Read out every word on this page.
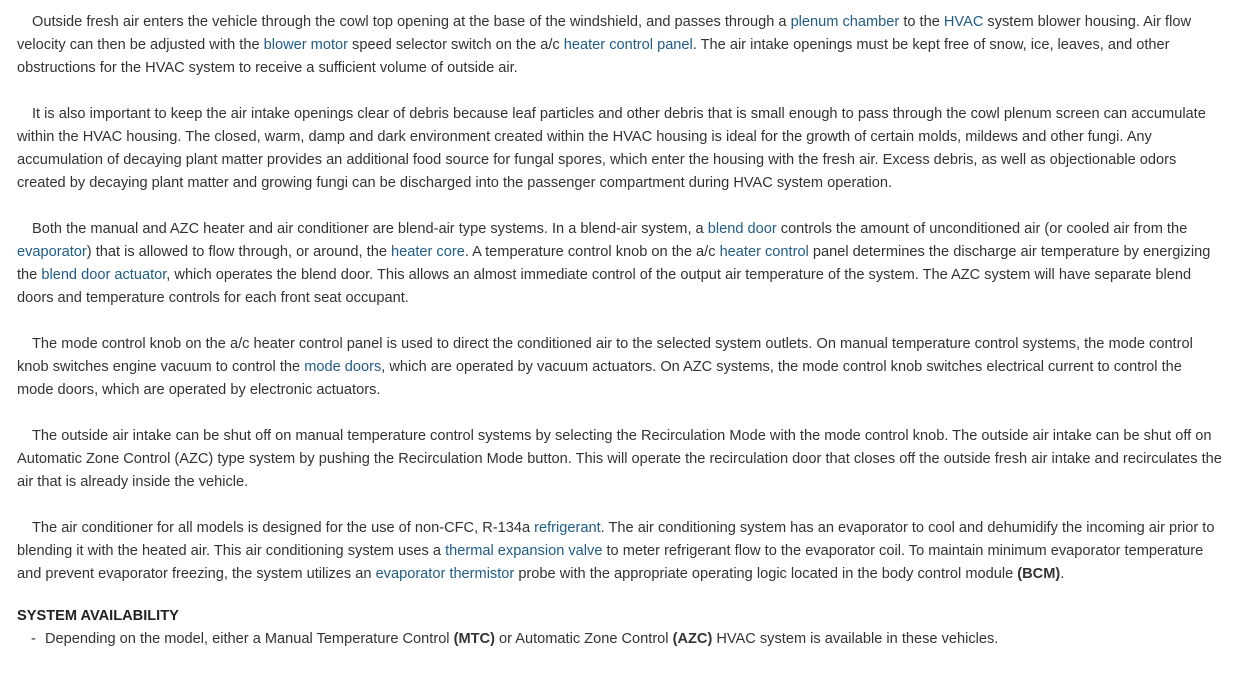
Outside fresh air enters the vehicle through the cowl top opening at the base of the windshield, and passes through a plenum chamber to the HVAC system blower housing. Air flow velocity can then be adjusted with the blower motor speed selector switch on the a/c heater control panel. The air intake openings must be kept free of snow, ice, leaves, and other obstructions for the HVAC system to receive a sufficient volume of outside air.

It is also important to keep the air intake openings clear of debris because leaf particles and other debris that is small enough to pass through the cowl plenum screen can accumulate within the HVAC housing. The closed, warm, damp and dark environment created within the HVAC housing is ideal for the growth of certain molds, mildews and other fungi. Any accumulation of decaying plant matter provides an additional food source for fungal spores, which enter the housing with the fresh air. Excess debris, as well as objectionable odors created by decaying plant matter and growing fungi can be discharged into the passenger compartment during HVAC system operation.

Both the manual and AZC heater and air conditioner are blend-air type systems. In a blend-air system, a blend door controls the amount of unconditioned air (or cooled air from the evaporator) that is allowed to flow through, or around, the heater core. A temperature control knob on the a/c heater control panel determines the discharge air temperature by energizing the blend door actuator, which operates the blend door. This allows an almost immediate control of the output air temperature of the system. The AZC system will have separate blend doors and temperature controls for each front seat occupant.

The mode control knob on the a/c heater control panel is used to direct the conditioned air to the selected system outlets. On manual temperature control systems, the mode control knob switches engine vacuum to control the mode doors, which are operated by vacuum actuators. On AZC systems, the mode control knob switches electrical current to control the mode doors, which are operated by electronic actuators.

The outside air intake can be shut off on manual temperature control systems by selecting the Recirculation Mode with the mode control knob. The outside air intake can be shut off on Automatic Zone Control (AZC) type system by pushing the Recirculation Mode button. This will operate the recirculation door that closes off the outside fresh air intake and recirculates the air that is already inside the vehicle.

The air conditioner for all models is designed for the use of non-CFC, R-134a refrigerant. The air conditioning system has an evaporator to cool and dehumidify the incoming air prior to blending it with the heated air. This air conditioning system uses a thermal expansion valve to meter refrigerant flow to the evaporator coil. To maintain minimum evaporator temperature and prevent evaporator freezing, the system utilizes an evaporator thermistor probe with the appropriate operating logic located in the body control module (BCM).

SYSTEM AVAILABILITY
- Depending on the model, either a Manual Temperature Control (MTC) or Automatic Zone Control (AZC) HVAC system is available in these vehicles.
